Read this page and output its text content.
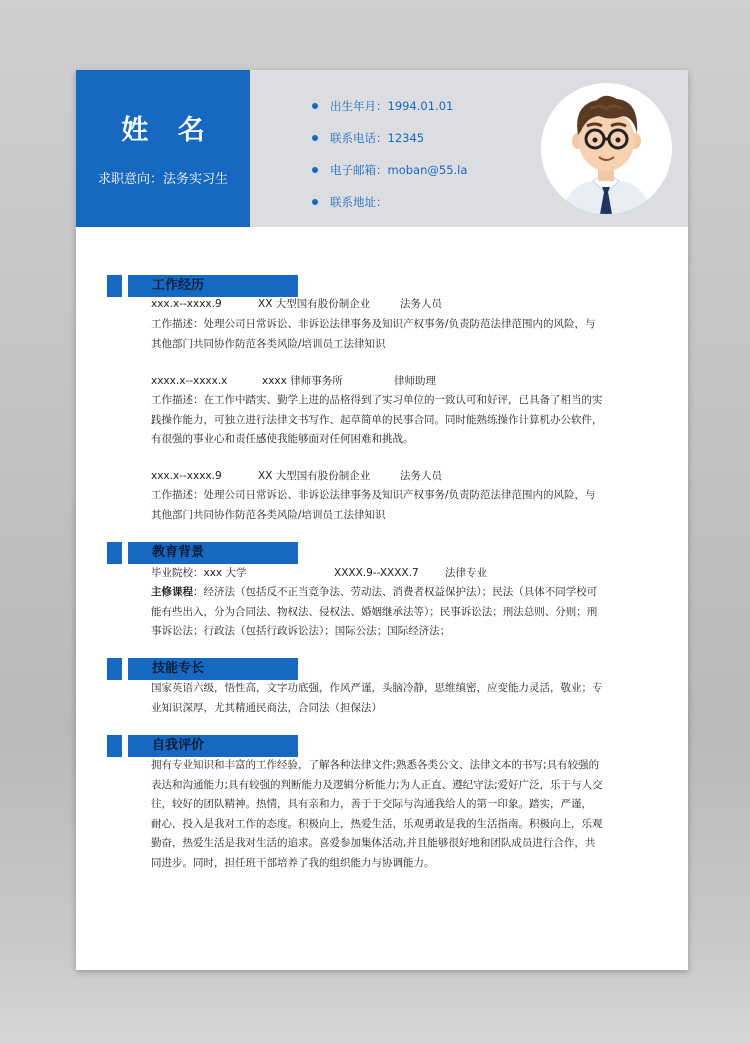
姓 名
求职意向：法务实习生
出生年月：1994.01.01
联系电话：12345
电子邮箱：moban@55.la
联系地址：
工作经历
xxx.x--xxxx.9	XX 大型国有股份制企业	法务人员
工作描述：处理公司日常诉讼、非诉讼法律事务及知识产权事务/负责防范法律范围内的风险，与
其他部门共同协作防范各类风险/培训员工法律知识
xxxx.x--xxxx.x	xxxx 律师事务所	律师助理
工作描述：在工作中踏实、勤学上进的品格得到了实习单位的一致认可和好评，已具备了相当的实
践操作能力，可独立进行法律文书写作、起草简单的民事合同。同时能熟练操作计算机办公软件，
有很强的事业心和责任感使我能够面对任何困难和挑战。
xxx.x--xxxx.9	XX 大型国有股份制企业	法务人员
工作描述：处理公司日常诉讼、非诉讼法律事务及知识产权事务/负责防范法律范围内的风险，与
其他部门共同协作防范各类风险/培训员工法律知识
教育背景
毕业院校：xxx 大学	XXXX.9--XXXX.7	法律专业
主修课程：经济法（包括反不正当竞争法、劳动法、消费者权益保护法）；民法（具体不同学校可
能有些出入，分为合同法、物权法、侵权法、婚姻继承法等）；民事诉讼法；刑法总则、分则；刑
事诉讼法；行政法（包括行政诉讼法）；国际公法；国际经济法；
技能专长
国家英语六级，悟性高，文字功底强，作风严谨，头脑冷静，思维缜密，应变能力灵活，敬业；专
业知识深厚，尤其精通民商法，合同法（担保法）
自我评价
拥有专业知识和丰富的工作经验，了解各种法律文件;熟悉各类公文、法律文本的书写;具有较强的
表达和沟通能力;具有较强的判断能力及逻辑分析能力;为人正直、遵纪守法;爱好广泛，乐于与人交
往，较好的团队精神。热情，具有亲和力，善于于交际与沟通我给人的第一印象。踏实，严谨，
耐心，投入是我对工作的态度。积极向上，热爱生活，乐观勇敢是我的生活指南。积极向上，乐观
勤奋，热爱生活是我对生活的追求。喜爱参加集体活动,并且能够很好地和团队成员进行合作，共
同进步。同时，担任班干部培养了我的组织能力与协调能力。
